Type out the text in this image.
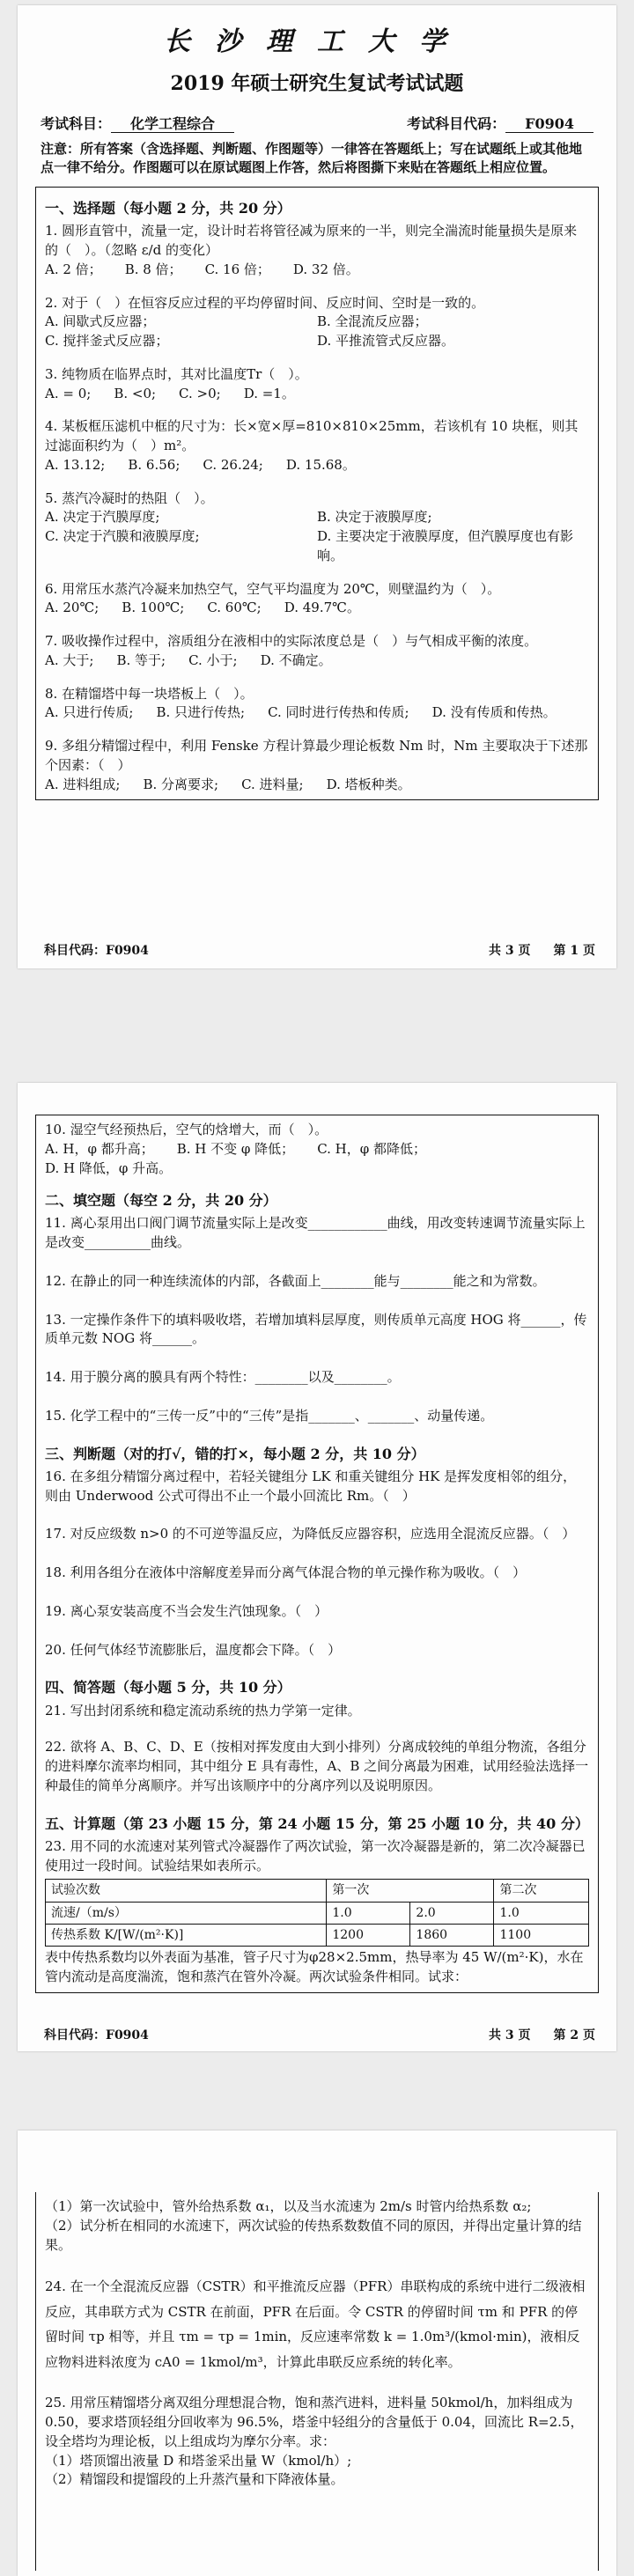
长沙理工大学
2019 年硕士研究生复试考试试题
考试科目： 化学工程综合	考试科目代码： F0904
注意：所有答案（含选择题、判断题、作图题等）一律答在答题纸上；写在试题纸上或其他地点一律不给分。作图题可以在原试题图上作答，然后将图撕下来贴在答题纸上相应位置。
一、选择题（每小题 2 分，共 20 分）
1. 圆形直管中，流量一定，设计时若将管径减为原来的一半，则完全湍流时能量损失是原来的（　）。（忽略 ε/d 的变化）
A. 2 倍；	B. 8 倍；	C. 16 倍；	D. 32 倍。
2. 对于（　）在恒容反应过程的平均停留时间、反应时间、空时是一致的。
A. 间歇式反应器；	B. 全混流反应器；
C. 搅拌釜式反应器；	D. 平推流管式反应器。
3. 纯物质在临界点时，其对比温度Tr（　）。
A. = 0;	B. <0;	C. >0;	D. =1。
4. 某板框压滤机中框的尺寸为：长×宽×厚=810×810×25mm，若该机有 10 块框，则其过滤面积约为（　）m²。
A. 13.12;	B. 6.56;	C. 26.24;	D. 15.68。
5. 蒸汽冷凝时的热阻（　）。
A. 决定于汽膜厚度;	B. 决定于液膜厚度;
C. 决定于汽膜和液膜厚度;	D. 主要决定于液膜厚度，但汽膜厚度也有影响。
6. 用常压水蒸汽冷凝来加热空气，空气平均温度为 20℃，则壁温约为（　）。
A. 20℃;	B. 100℃;	C. 60℃;	D. 49.7℃。
7. 吸收操作过程中，溶质组分在液相中的实际浓度总是（　）与气相成平衡的浓度。
A. 大于;	B. 等于;	C. 小于;	D. 不确定。
8. 在精馏塔中每一块塔板上（　）。
A. 只进行传质;	B. 只进行传热;	C. 同时进行传热和传质;	D. 没有传质和传热。
9. 多组分精馏过程中，利用 Fenske 方程计算最少理论板数 Nm 时，Nm 主要取决于下述那个因素：（　）
A. 进料组成;	B. 分离要求;	C. 进料量;	D. 塔板种类。
科目代码：F0904	共 3 页 第 1 页
10. 湿空气经预热后，空气的焓增大，而（　）。
A. H，φ 都升高；	B. H 不变 φ 降低；	C. H，φ 都降低；
D. H 降低，φ 升高。
二、填空题（每空 2 分，共 20 分）
11. 离心泵用出口阀门调节流量实际上是改变____________曲线，用改变转速调节流量实际上是改变__________曲线。
12. 在静止的同一种连续流体的内部，各截面上________能与________能之和为常数。
13. 一定操作条件下的填料吸收塔，若增加填料层厚度，则传质单元高度 HOG 将______，传质单元数 NOG 将______。
14. 用于膜分离的膜具有两个特性：________以及________。
15. 化学工程中的“三传一反”中的“三传”是指_______、_______、动量传递。
三、判断题（对的打√，错的打×，每小题 2 分，共 10 分）
16. 在多组分精馏分离过程中，若轻关键组分 LK 和重关键组分 HK 是挥发度相邻的组分，则由 Underwood 公式可得出不止一个最小回流比 Rm。（　）
17. 对反应级数 n>0 的不可逆等温反应，为降低反应器容积，应选用全混流反应器。（　）
18. 利用各组分在液体中溶解度差异而分离气体混合物的单元操作称为吸收。（　）
19. 离心泵安装高度不当会发生汽蚀现象。（　）
20. 任何气体经节流膨胀后，温度都会下降。（　）
四、简答题（每小题 5 分，共 10 分）
21. 写出封闭系统和稳定流动系统的热力学第一定律。
22. 欲将 A、B、C、D、E（按相对挥发度由大到小排列）分离成较纯的单组分物流，各组分的进料摩尔流率均相同，其中组分 E 具有毒性，A、B 之间分离最为困难，试用经验法选择一种最佳的简单分离顺序。并写出该顺序中的分离序列以及说明原因。
五、计算题（第 23 小题 15 分，第 24 小题 15 分，第 25 小题 10 分，共 40 分）
23. 用不同的水流速对某列管式冷凝器作了两次试验，第一次冷凝器是新的，第二次冷凝器已使用过一段时间。试验结果如表所示。
试验次数	第一次		第二次
流速/（m/s）	1.0	2.0	1.0
传热系数 K/[W/(m²·K)]	1200	1860	1100
表中传热系数均以外表面为基准，管子尺寸为φ28×2.5mm，热导率为 45 W/(m²·K)，水在管内流动是高度湍流，饱和蒸汽在管外冷凝。两次试验条件相同。试求：
科目代码：F0904	共 3 页 第 2 页
（1）第一次试验中，管外给热系数 α₁，以及当水流速为 2m/s 时管内给热系数 α₂;
（2）试分析在相同的水流速下，两次试验的传热系数数值不同的原因，并得出定量计算的结果。
24. 在一个全混流反应器（CSTR）和平推流反应器（PFR）串联构成的系统中进行二级液相反应，其串联方式为 CSTR 在前面，PFR 在后面。令 CSTR 的停留时间 τm 和 PFR 的停留时间 τp 相等，并且 τm = τp = 1min，反应速率常数 k = 1.0m³/(kmol·min)，液相反应物料进料浓度为 cA0 = 1kmol/m³，计算此串联反应系统的转化率。
25. 用常压精馏塔分离双组分理想混合物，饱和蒸汽进料，进料量 50kmol/h，加料组成为 0.50，要求塔顶轻组分回收率为 96.5%，塔釜中轻组分的含量低于 0.04，回流比 R=2.5，设全塔均为理论板，以上组成均为摩尔分率。求：
（1）塔顶馏出液量 D 和塔釜采出量 W（kmol/h）;
（2）精馏段和提馏段的上升蒸汽量和下降液体量。
